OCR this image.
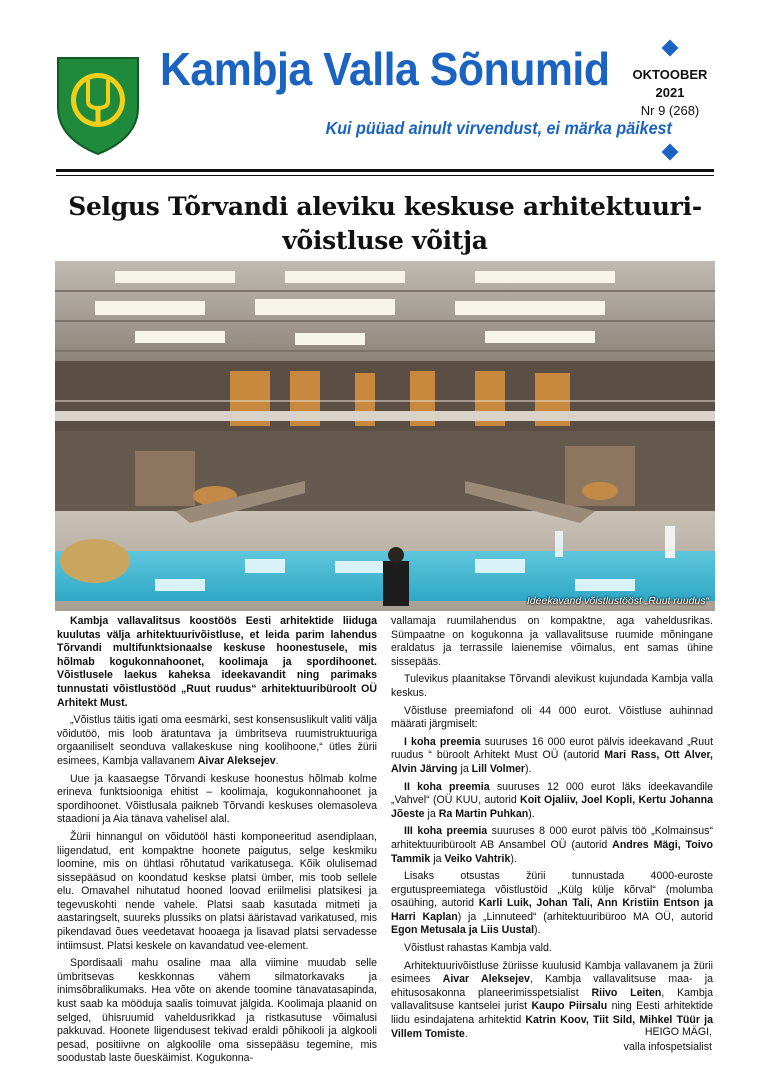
Kambja Valla Sõnumid
Kui püüad ainult virvendust, ei märka päikest
OKTOOBER
2021
Nr 9 (268)
Selgus Tõrvandi aleviku keskuse arhitektuuri-
võistluse võitja
Ideekavand võistlustööst „Ruut ruudus“

Kambja vallavalitsus koostöös Eesti arhitektide liiduga kuulutas välja arhitektuurivõistluse, et leida parim lahendus Tõrvandi multifunktsionaalse keskuse hoonestusele, mis hõlmab kogukonnahoonet, koolimaja ja spordihoonet. Võistlusele laekus kaheksa ideekavandit ning parimaks tunnustati võistlustööd „Ruut ruudus“ arhitektuuribüroolt OÜ Arhitekt Must.

„Võistlus täitis igati oma eesmärki, sest konsensuslikult valiti välja võidutöö, mis loob äratuntava ja ümbritseva ruumistruktuuriga orgaaniliselt seonduva vallakeskuse ning koolihoone,“ ütles žürii esimees, Kambja vallavanem Aivar Aleksejev.

Uue ja kaasaegse Tõrvandi keskuse hoonestus hõlmab kolme erineva funktsiooniga ehitist – koolimaja, kogukonnahoonet ja spordihoonet. Võistlusala paikneb Tõrvandi keskuses olemasoleva staadioni ja Aia tänava vahelisel alal.

Žürii hinnangul on võidutööl hästi komponeeritud asendiplaan, liigendatud, ent kompaktne hoonete paigutus, selge keskmiku loomine, mis on ühtlasi rõhutatud varikatusega. Kõik olulisemad sissepääsud on koondatud keskse platsi ümber, mis toob sellele elu. Omavahel nihutatud hooned loovad eriilmelisi platsikesi ja tegevuskohti nende vahele. Platsi saab kasutada mitmeti ja aastaringselt, suureks plussiks on platsi ääristavad varikatused, mis pikendavad õues veedetavat hooaega ja lisavad platsi servadesse intiimsust. Platsi keskele on kavandatud vee-element.

Spordisaali mahu osaline maa alla viimine muudab selle ümbritsevas keskkonnas vähem silmatorkavaks ja inimsõbralikumaks. Hea võte on akende toomine tänavatasapinda, kust saab ka mööduja saalis toimuvat jälgida. Koolimaja plaanid on selged, ühisruumid vaheldusrikkad ja ristkasutuse võimalusi pakkuvad. Hoonete liigendusest tekivad eraldi põhikooli ja algkooli pesad, positiivne on algkoolile oma sissepääsu tegemine, mis soodustab laste õueskäimist. Kogukonna-

vallamaja ruumilahendus on kompaktne, aga vaheldusrikas. Sümpaatne on kogukonna ja vallavalitsuse ruumide mõningane eraldatus ja terrassile laienemise võimalus, ent samas ühine sissepääs.

Tulevikus plaanitakse Tõrvandi alevikust kujundada Kambja valla keskus.

Võistluse preemiafond oli 44 000 eurot. Võistluse auhinnad määrati järgmiselt:

I koha preemia suuruses 16 000 eurot pälvis ideekavand „Ruut ruudus “ büroolt Arhitekt Must OÜ (autorid Mari Rass, Ott Alver, Alvin Järving ja Lill Volmer).

II koha preemia suuruses 12 000 eurot läks ideekavandile „Vahvel“ (OÜ KUU, autorid Koit Ojaliiv, Joel Kopli, Kertu Johanna Jõeste ja Ra Martin Puhkan).

III koha preemia suuruses 8 000 eurot pälvis töö „Kolmainsus“ arhitektuuribüroolt AB Ansambel OÜ (autorid Andres Mägi, Toivo Tammik ja Veiko Vahtrik).

Lisaks otsustas žürii tunnustada 4000-euroste ergutuspreemiatega võistlustöid „Külg külje kõrval“ (molumba osaühing, autorid Karli Luik, Johan Tali, Ann Kristiin Entson ja Harri Kaplan) ja „Linnuteed“ (arhitektuuribüroo MA OÜ, autorid Egon Metusala ja Liis Uustal).

Võistlust rahastas Kambja vald.

Arhitektuurivõistluse žüriisse kuulusid Kambja vallavanem ja žürii esimees Aivar Aleksejev, Kambja vallavalitsuse maa- ja ehitusosakonna planeerimisspetsialist Riivo Leiten, Kambja vallavalitsuse kantselei jurist Kaupo Piirsalu ning Eesti arhitektide liidu esindajatena arhitektid Katrin Koov, Tiit Sild, Mihkel Tüür ja Villem Tomiste.	HEIGO MÄGI,
valla infospetsialist
